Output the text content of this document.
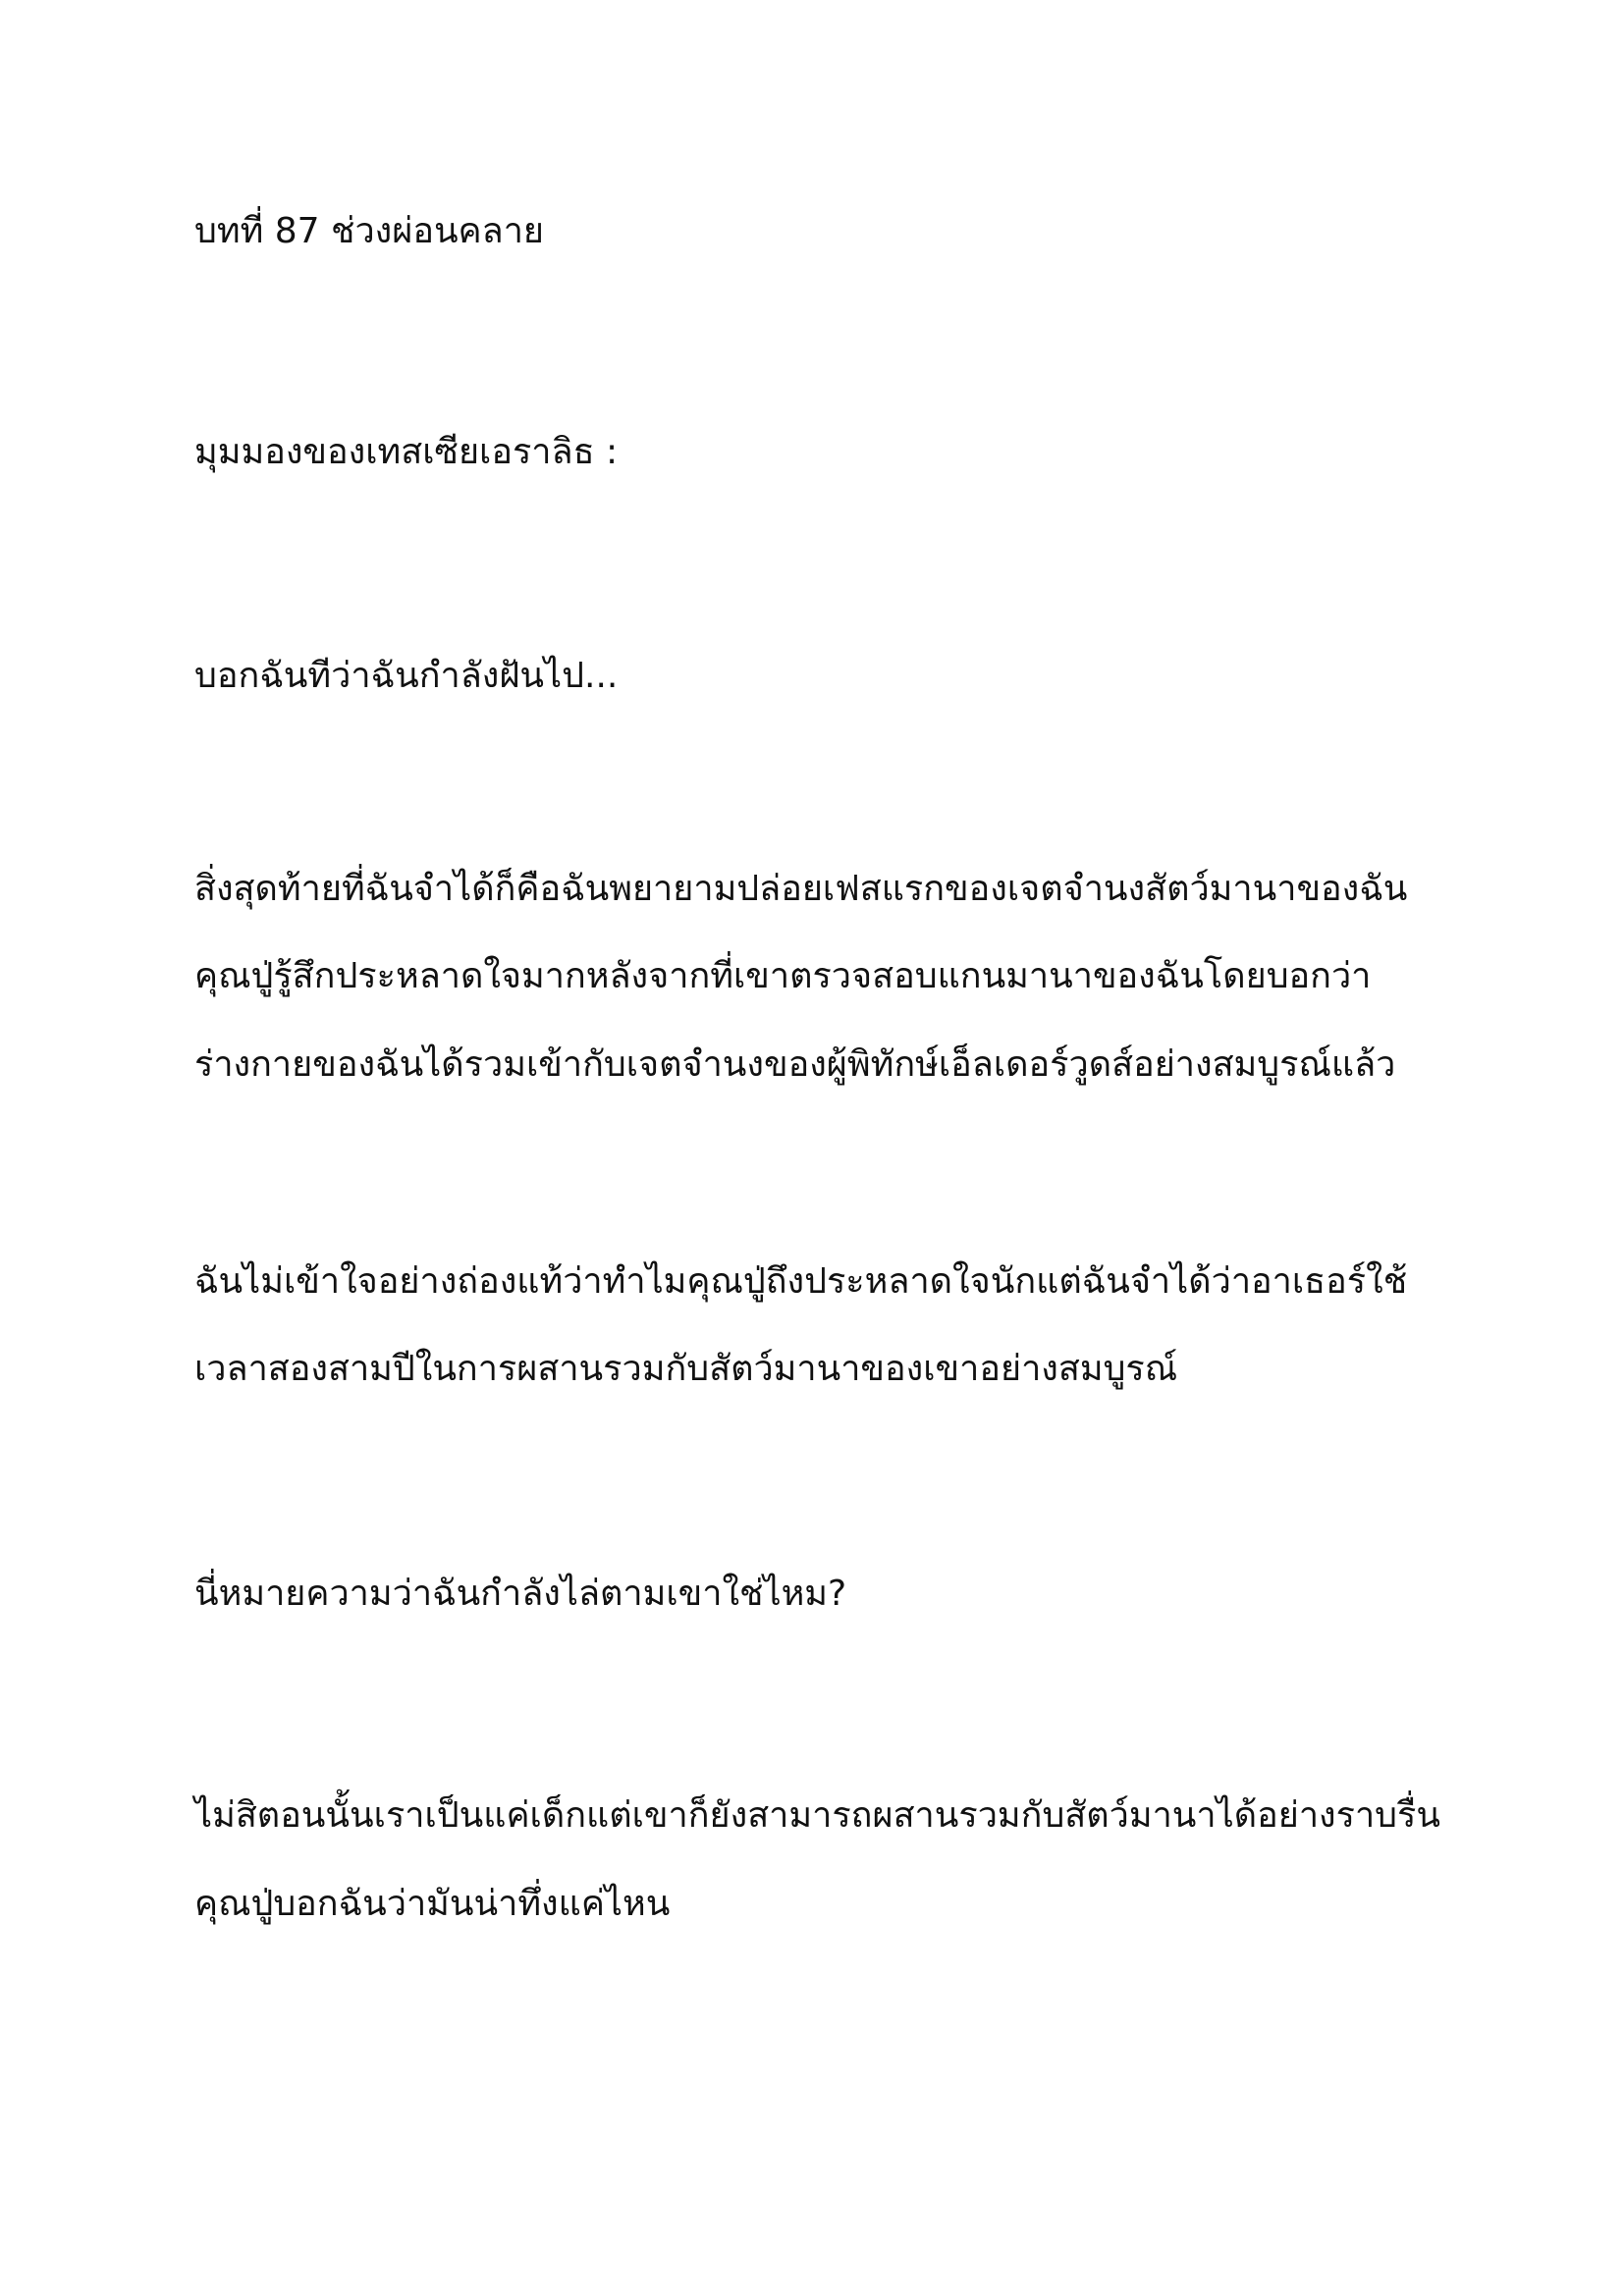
บทที่ 87 ช่วงผ่อนคลาย

มุมมองของเทสเซียเอราลิธ :

บอกฉันทีว่าฉันกำลังฝันไป...

สิ่งสุดท้ายที่ฉันจำได้ก็คือฉันพยายามปล่อยเฟสแรกของเจตจำนงสัตว์มานาของฉัน

คุณปู่รู้สึกประหลาดใจมากหลังจากที่เขาตรวจสอบแกนมานาของฉันโดยบอกว่า

ร่างกายของฉันได้รวมเข้ากับเจตจำนงของผู้พิทักษ์เอ็ลเดอร์วูดส์อย่างสมบูรณ์แล้ว

ฉันไม่เข้าใจอย่างถ่องแท้ว่าทำไมคุณปู่ถึงประหลาดใจนักแต่ฉันจำได้ว่าอาเธอร์ใช้

เวลาสองสามปีในการผสานรวมกับสัตว์มานาของเขาอย่างสมบูรณ์

นี่หมายความว่าฉันกำลังไล่ตามเขาใช่ไหม?

ไม่สิตอนนั้นเราเป็นแค่เด็กแต่เขาก็ยังสามารถผสานรวมกับสัตว์มานาได้อย่างราบรื่น

คุณปู่บอกฉันว่ามันน่าทึ่งแค่ไหน
